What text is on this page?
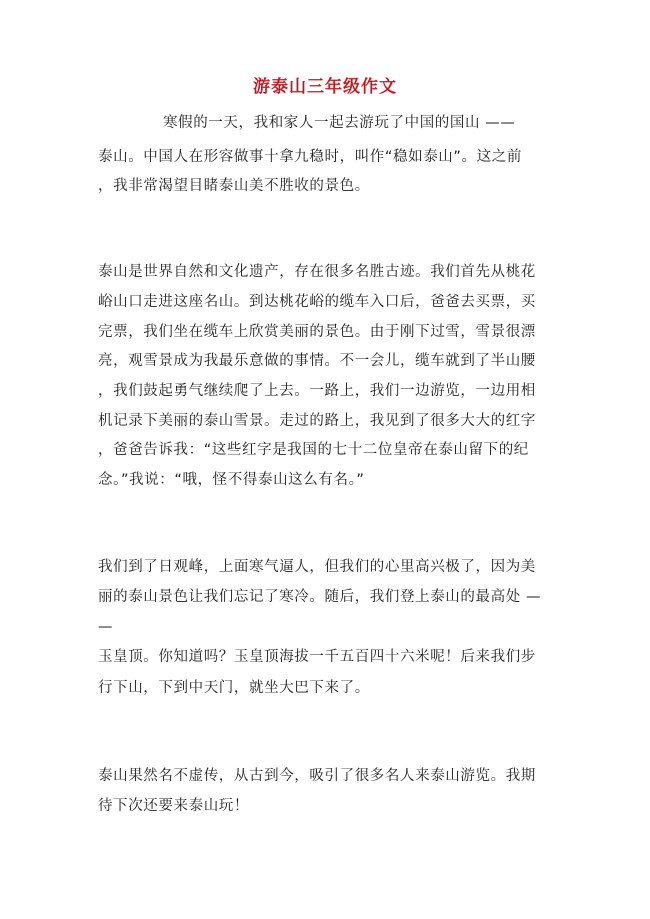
游泰山三年级作文

寒假的一天，我和家人一起去游玩了中国的国山 ——

泰山。中国人在形容做事十拿九稳时，叫作“稳如泰山”。这之前

，我非常渴望目睹泰山美不胜收的景色。

泰山是世界自然和文化遗产，存在很多名胜古迹。我们首先从桃花

峪山口走进这座名山。到达桃花峪的缆车入口后，爸爸去买票，买

完票，我们坐在缆车上欣赏美丽的景色。由于刚下过雪，雪景很漂

亮，观雪景成为我最乐意做的事情。不一会儿，缆车就到了半山腰

，我们鼓起勇气继续爬了上去。一路上，我们一边游览，一边用相

机记录下美丽的泰山雪景。走过的路上，我见到了很多大大的红字

，爸爸告诉我：“这些红字是我国的七十二位皇帝在泰山留下的纪

念。”我说：“哦，怪不得泰山这么有名。”

我们到了日观峰，上面寒气逼人，但我们的心里高兴极了，因为美

丽的泰山景色让我们忘记了寒冷。随后，我们登上泰山的最高处 —

—

玉皇顶。你知道吗？玉皇顶海拔一千五百四十六米呢！后来我们步

行下山，下到中天门，就坐大巴下来了。

泰山果然名不虚传，从古到今，吸引了很多名人来泰山游览。我期

待下次还要来泰山玩！
